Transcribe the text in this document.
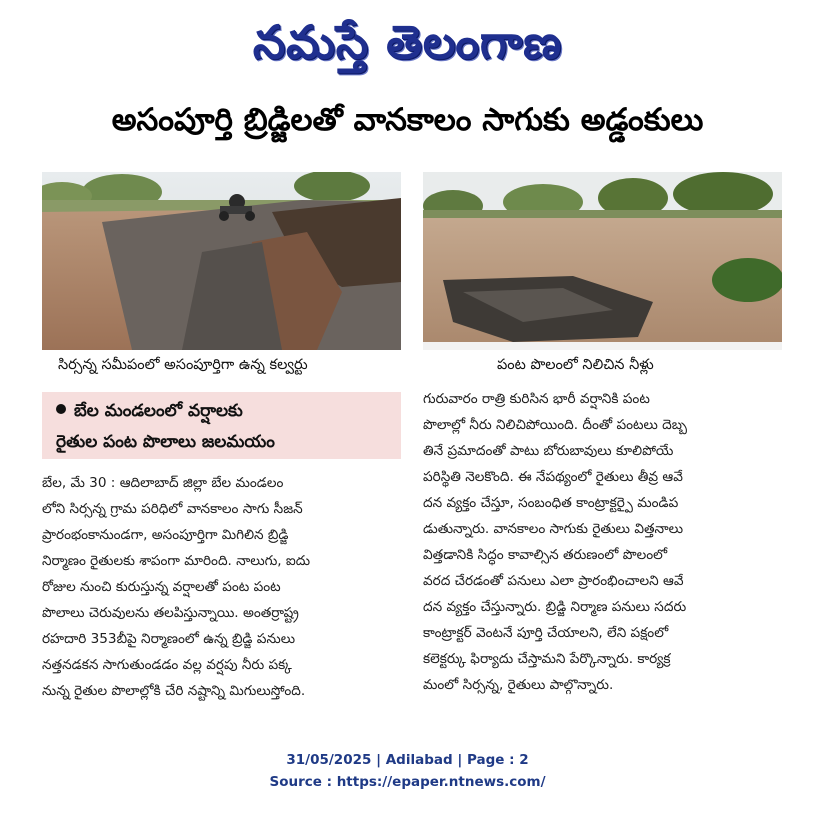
నమస్తే తెలంగాణ
అసంపూర్తి బ్రిడ్జిలతో వానకాలం సాగుకు అడ్డంకులు
సిర్సన్న సమీపంలో అసంపూర్తిగా ఉన్న కల్వర్టు	పంట పొలంలో నిలిచిన నీళ్లు
బేల మండలంలో వర్షాలకు
రైతుల పంట పొలాలు జలమయం
బేల, మే 30 : ఆదిలాబాద్ జిల్లా బేల మండలం
లోని సిర్సన్న గ్రామ పరిధిలో వానకాలం సాగు సీజన్
ప్రారంభంకానుండగా, అసంపూర్తిగా మిగిలిన బ్రిడ్జి
నిర్మాణం రైతులకు శాపంగా మారింది. నాలుగు, ఐదు
రోజుల నుంచి కురుస్తున్న వర్షాలతో పంట పంట
పొలాలు చెరువులను తలపిస్తున్నాయి. అంతర్రాష్ట్ర
రహదారి 353బీపై నిర్మాణంలో ఉన్న బ్రిడ్జి పనులు
నత్తనడకన సాగుతుండడం వల్ల వర్షపు నీరు పక్క
నున్న రైతుల పొలాల్లోకి చేరి నష్టాన్ని మిగులుస్తోంది.
గురువారం రాత్రి కురిసిన భారీ వర్షానికి పంట
పొలాల్లో నీరు నిలిచిపోయింది. దీంతో పంటలు దెబ్బ
తినే ప్రమాదంతో పాటు బోరుబావులు కూలిపోయే
పరిస్థితి నెలకొంది. ఈ నేపథ్యంలో రైతులు తీవ్ర ఆవే
దన వ్యక్తం చేస్తూ, సంబంధిత కాంట్రాక్టర్పై మండిప
డుతున్నారు. వానకాలం సాగుకు రైతులు విత్తనాలు
విత్తడానికి సిద్ధం కావాల్సిన తరుణంలో పొలంలో
వరద చేరడంతో పనులు ఎలా ప్రారంభించాలని ఆవే
దన వ్యక్తం చేస్తున్నారు. బ్రిడ్జి నిర్మాణ పనులు సదరు
కాంట్రాక్టర్ వెంటనే పూర్తి చేయాలని, లేని పక్షంలో
కలెక్టర్కు ఫిర్యాదు చేస్తామని పేర్కొన్నారు. కార్యక్ర
మంలో సిర్సన్న, రైతులు పాల్గొన్నారు.
31/05/2025 | Adilabad | Page : 2
Source : https://epaper.ntnews.com/
